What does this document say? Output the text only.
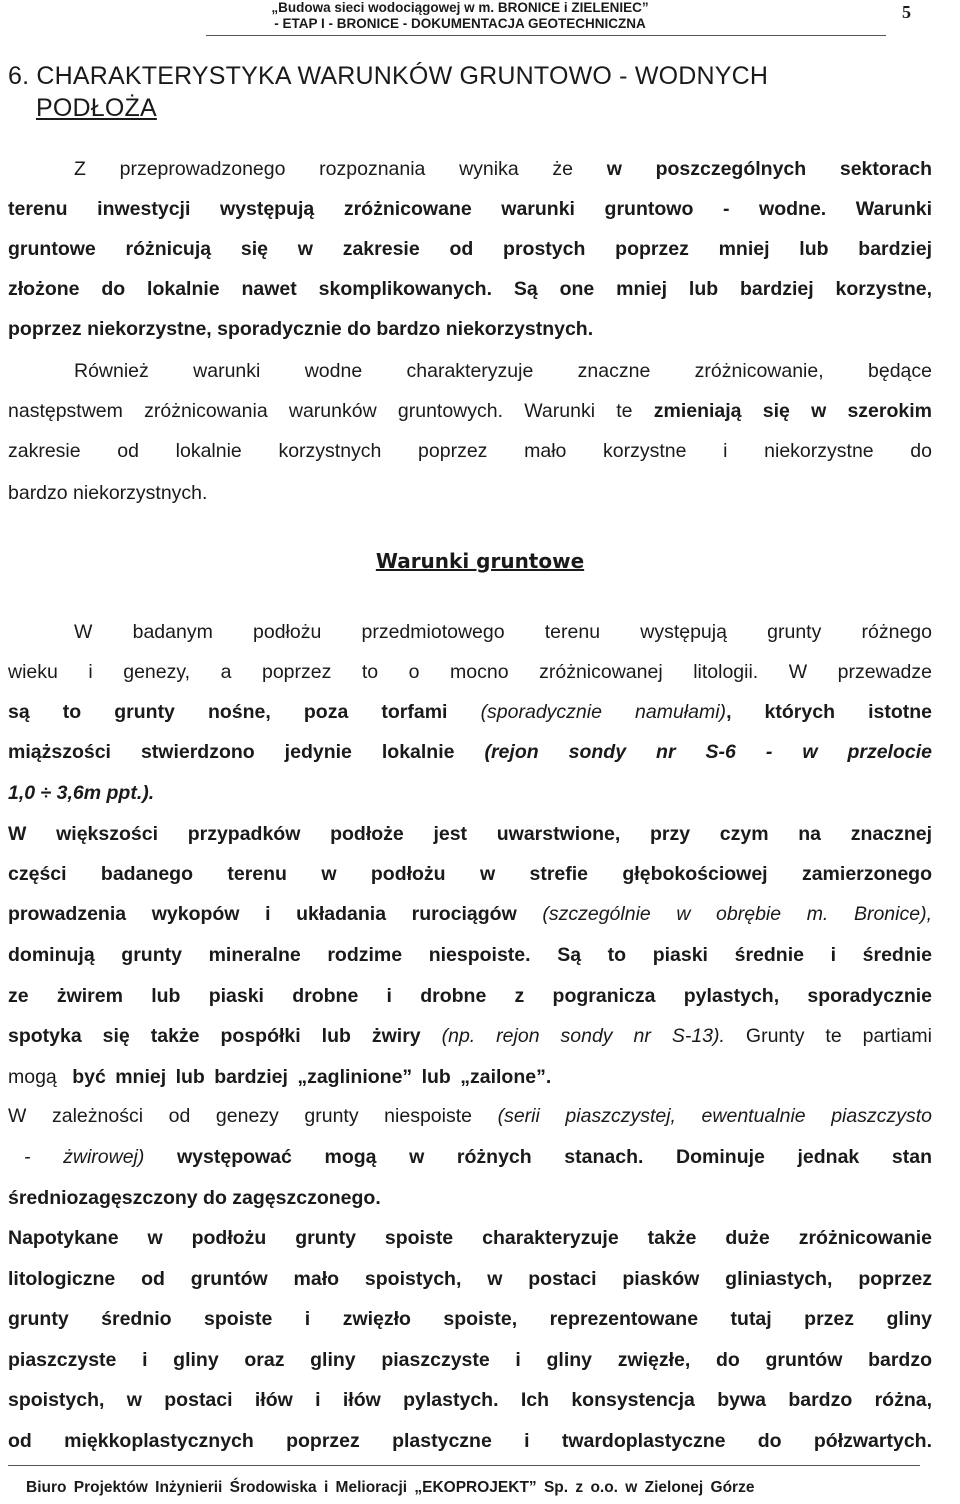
„Budowa sieci wodociągowej w m. BRONICE i ZIELENIEC”
- ETAP I - BRONICE - DOKUMENTACJA GEOTECHNICZNA
5
6. CHARAKTERYSTYKA WARUNKÓW GRUNTOWO - WODNYCH
PODŁOŻA
Z przeprowadzonego rozpoznania wynika że w poszczególnych sektorach
terenu inwestycji występują zróżnicowane warunki gruntowo - wodne. Warunki
gruntowe różnicują się w zakresie od prostych poprzez mniej lub bardziej
złożone do lokalnie nawet skomplikowanych. Są one mniej lub bardziej korzystne,
poprzez niekorzystne, sporadycznie do bardzo niekorzystnych.
Również warunki wodne charakteryzuje znaczne zróżnicowanie, będące
następstwem zróżnicowania warunków gruntowych. Warunki te zmieniają się w szerokim
zakresie od lokalnie korzystnych poprzez mało korzystne i niekorzystne do
bardzo niekorzystnych.
Warunki gruntowe
W badanym podłożu przedmiotowego terenu występują grunty różnego
wieku i genezy, a poprzez to o mocno zróżnicowanej litologii. W przewadze
są to grunty nośne, poza torfami (sporadycznie namułami), których istotne
miąższości stwierdzono jedynie lokalnie (rejon sondy nr S-6 - w przelocie
1,0 ÷ 3,6m ppt.).
W większości przypadków podłoże jest uwarstwione, przy czym na znacznej
części badanego terenu w podłożu w strefie głębokościowej zamierzonego
prowadzenia wykopów i układania rurociągów (szczególnie w obrębie m. Bronice),
dominują grunty mineralne rodzime niespoiste. Są to piaski średnie i średnie
ze żwirem lub piaski drobne i drobne z pogranicza pylastych, sporadycznie
spotyka się także pospółki lub żwiry (np. rejon sondy nr S-13). Grunty te partiami
mogą być mniej lub bardziej „zaglinione” lub „zailone”.
W zależności od genezy grunty niespoiste (serii piaszczystej, ewentualnie piaszczysto
- żwirowej) występować mogą w różnych stanach. Dominuje jednak stan
średniozagęszczony do zagęszczonego.
Napotykane w podłożu grunty spoiste charakteryzuje także duże zróżnicowanie
litologiczne od gruntów mało spoistych, w postaci piasków gliniastych, poprzez
grunty średnio spoiste i zwięzło spoiste, reprezentowane tutaj przez gliny
piaszczyste i gliny oraz gliny piaszczyste i gliny zwięzłe, do gruntów bardzo
spoistych, w postaci iłów i iłów pylastych. Ich konsystencja bywa bardzo różna,
od miękkoplastycznych poprzez plastyczne i twardoplastyczne do półzwartych.
Biuro Projektów Inżynierii Środowiska i Melioracji „EKOPROJEKT” Sp. z o.o. w Zielonej Górze
